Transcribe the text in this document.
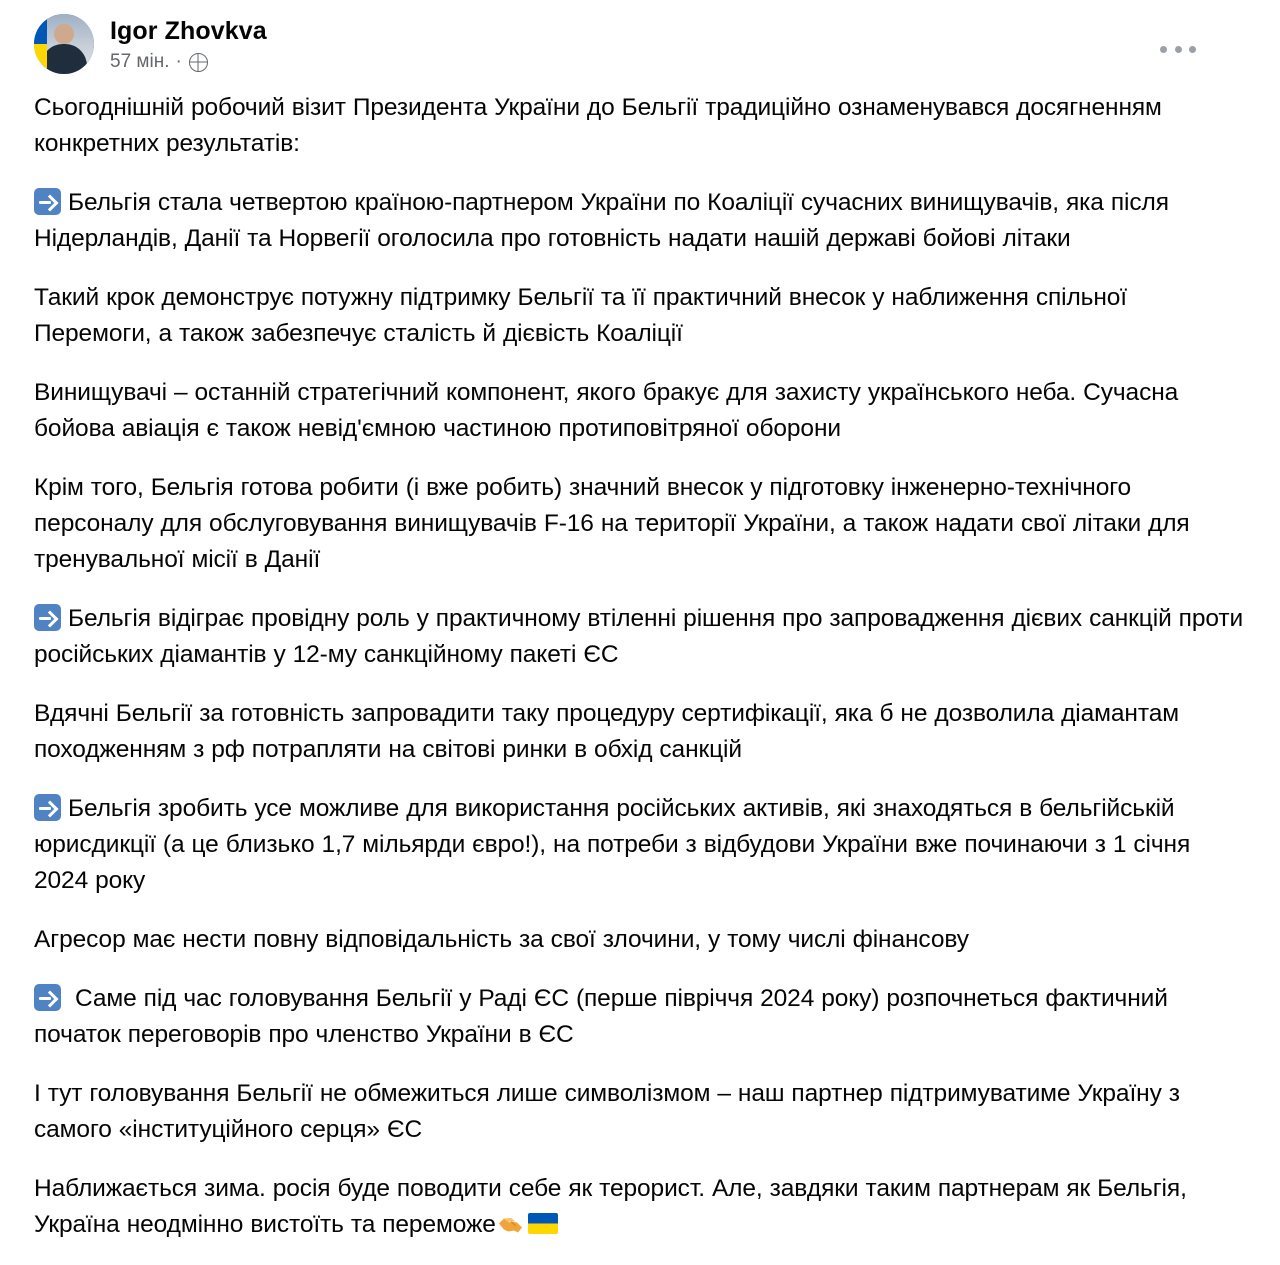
Igor Zhovkva
57 мін. ·

Сьогоднішній робочий візит Президента України до Бельгії традиційно ознаменувався досягненням конкретних результатів:

Бельгія стала четвертою країною-партнером України по Коаліції сучасних винищувачів, яка після Нідерландів, Данії та Норвегії оголосила про готовність надати нашій державі бойові літаки

Такий крок демонструє потужну підтримку Бельгії та її практичний внесок у наближення спільної Перемоги, а також забезпечує сталість й дієвість Коаліції

Винищувачі – останній стратегічний компонент, якого бракує для захисту українського неба. Сучасна бойова авіація є також невід'ємною частиною протиповітряної оборони

Крім того, Бельгія готова робити (і вже робить) значний внесок у підготовку інженерно-технічного персоналу для обслуговування винищувачів F-16 на території України, а також надати свої літаки для тренувальної місії в Данії

Бельгія відіграє провідну роль у практичному втіленні рішення про запровадження дієвих санкцій проти російських діамантів у 12-му санкційному пакеті ЄС

Вдячні Бельгії за готовність запровадити таку процедуру сертифікації, яка б не дозволила діамантам походженням з рф потрапляти на світові ринки в обхід санкцій

Бельгія зробить усе можливе для використання російських активів, які знаходяться в бельгійській юрисдикції (а це близько 1,7 мільярди євро!), на потреби з відбудови України вже починаючи з 1 січня 2024 року

Агресор має нести повну відповідальність за свої злочини, у тому числі фінансову

Саме під час головування Бельгії у Раді ЄС (перше півріччя 2024 року) розпочнеться фактичний початок переговорів про членство України в ЄС

І тут головування Бельгії не обмежиться лише символізмом – наш партнер підтримуватиме Україну з самого «інституційного серця» ЄС

Наближається зима. росія буде поводити себе як терорист. Але, завдяки таким партнерам як Бельгія, Україна неодмінно вистоїть та переможе
